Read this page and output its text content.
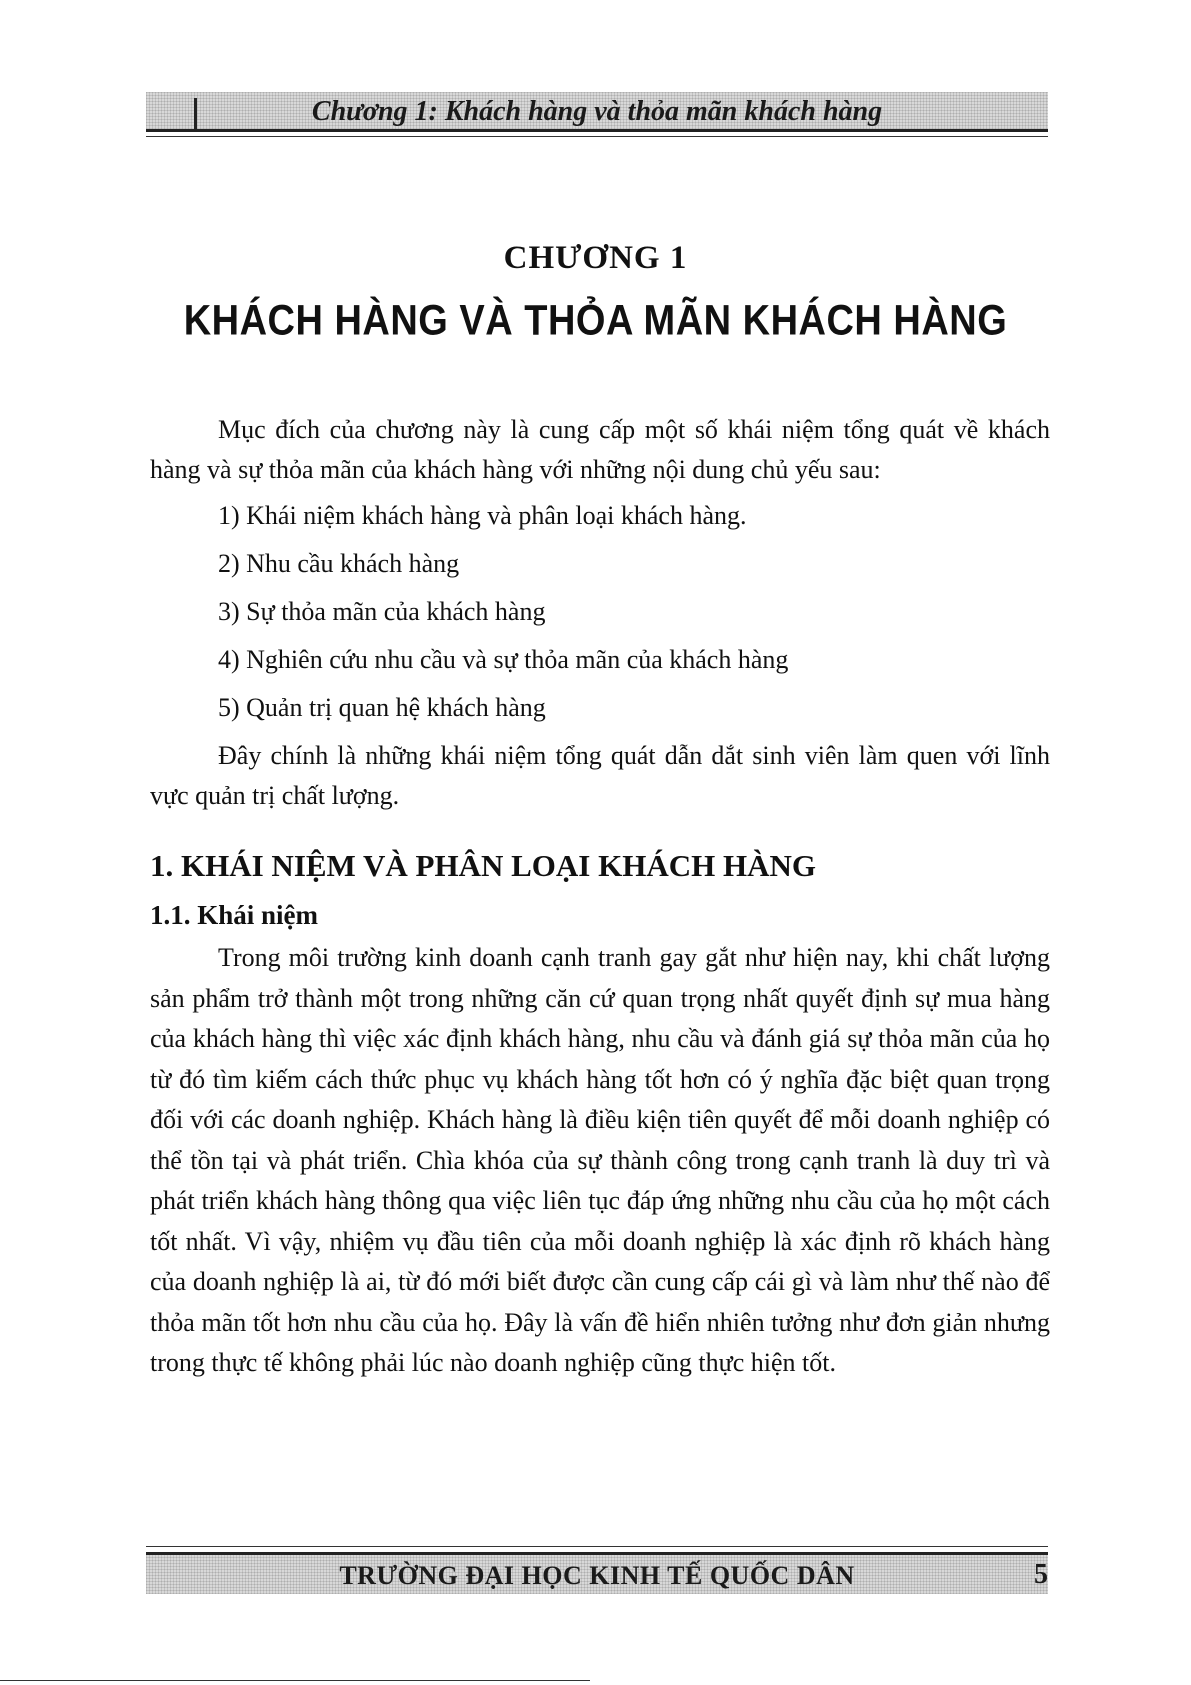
Chương 1: Khách hàng và thỏa mãn khách hàng
CHƯƠNG 1
KHÁCH HÀNG VÀ THỎA MÃN KHÁCH HÀNG

Mục đích của chương này là cung cấp một số khái niệm tổng quát về khách hàng và sự thỏa mãn của khách hàng với những nội dung chủ yếu sau:

1) Khái niệm khách hàng và phân loại khách hàng.
2) Nhu cầu khách hàng
3) Sự thỏa mãn của khách hàng
4) Nghiên cứu nhu cầu và sự thỏa mãn của khách hàng
5) Quản trị quan hệ khách hàng

Đây chính là những khái niệm tổng quát dẫn dắt sinh viên làm quen với lĩnh vực quản trị chất lượng.

1. KHÁI NIỆM VÀ PHÂN LOẠI KHÁCH HÀNG
1.1. Khái niệm

Trong môi trường kinh doanh cạnh tranh gay gắt như hiện nay, khi chất lượng sản phẩm trở thành một trong những căn cứ quan trọng nhất quyết định sự mua hàng của khách hàng thì việc xác định khách hàng, nhu cầu và đánh giá sự thỏa mãn của họ từ đó tìm kiếm cách thức phục vụ khách hàng tốt hơn có ý nghĩa đặc biệt quan trọng đối với các doanh nghiệp. Khách hàng là điều kiện tiên quyết để mỗi doanh nghiệp có thể tồn tại và phát triển. Chìa khóa của sự thành công trong cạnh tranh là duy trì và phát triển khách hàng thông qua việc liên tục đáp ứng những nhu cầu của họ một cách tốt nhất. Vì vậy, nhiệm vụ đầu tiên của mỗi doanh nghiệp là xác định rõ khách hàng của doanh nghiệp là ai, từ đó mới biết được cần cung cấp cái gì và làm như thế nào để thỏa mãn tốt hơn nhu cầu của họ. Đây là vấn đề hiển nhiên tưởng như đơn giản nhưng trong thực tế không phải lúc nào doanh nghiệp cũng thực hiện tốt.

TRƯỜNG ĐẠI HỌC KINH TẾ QUỐC DÂN	5
